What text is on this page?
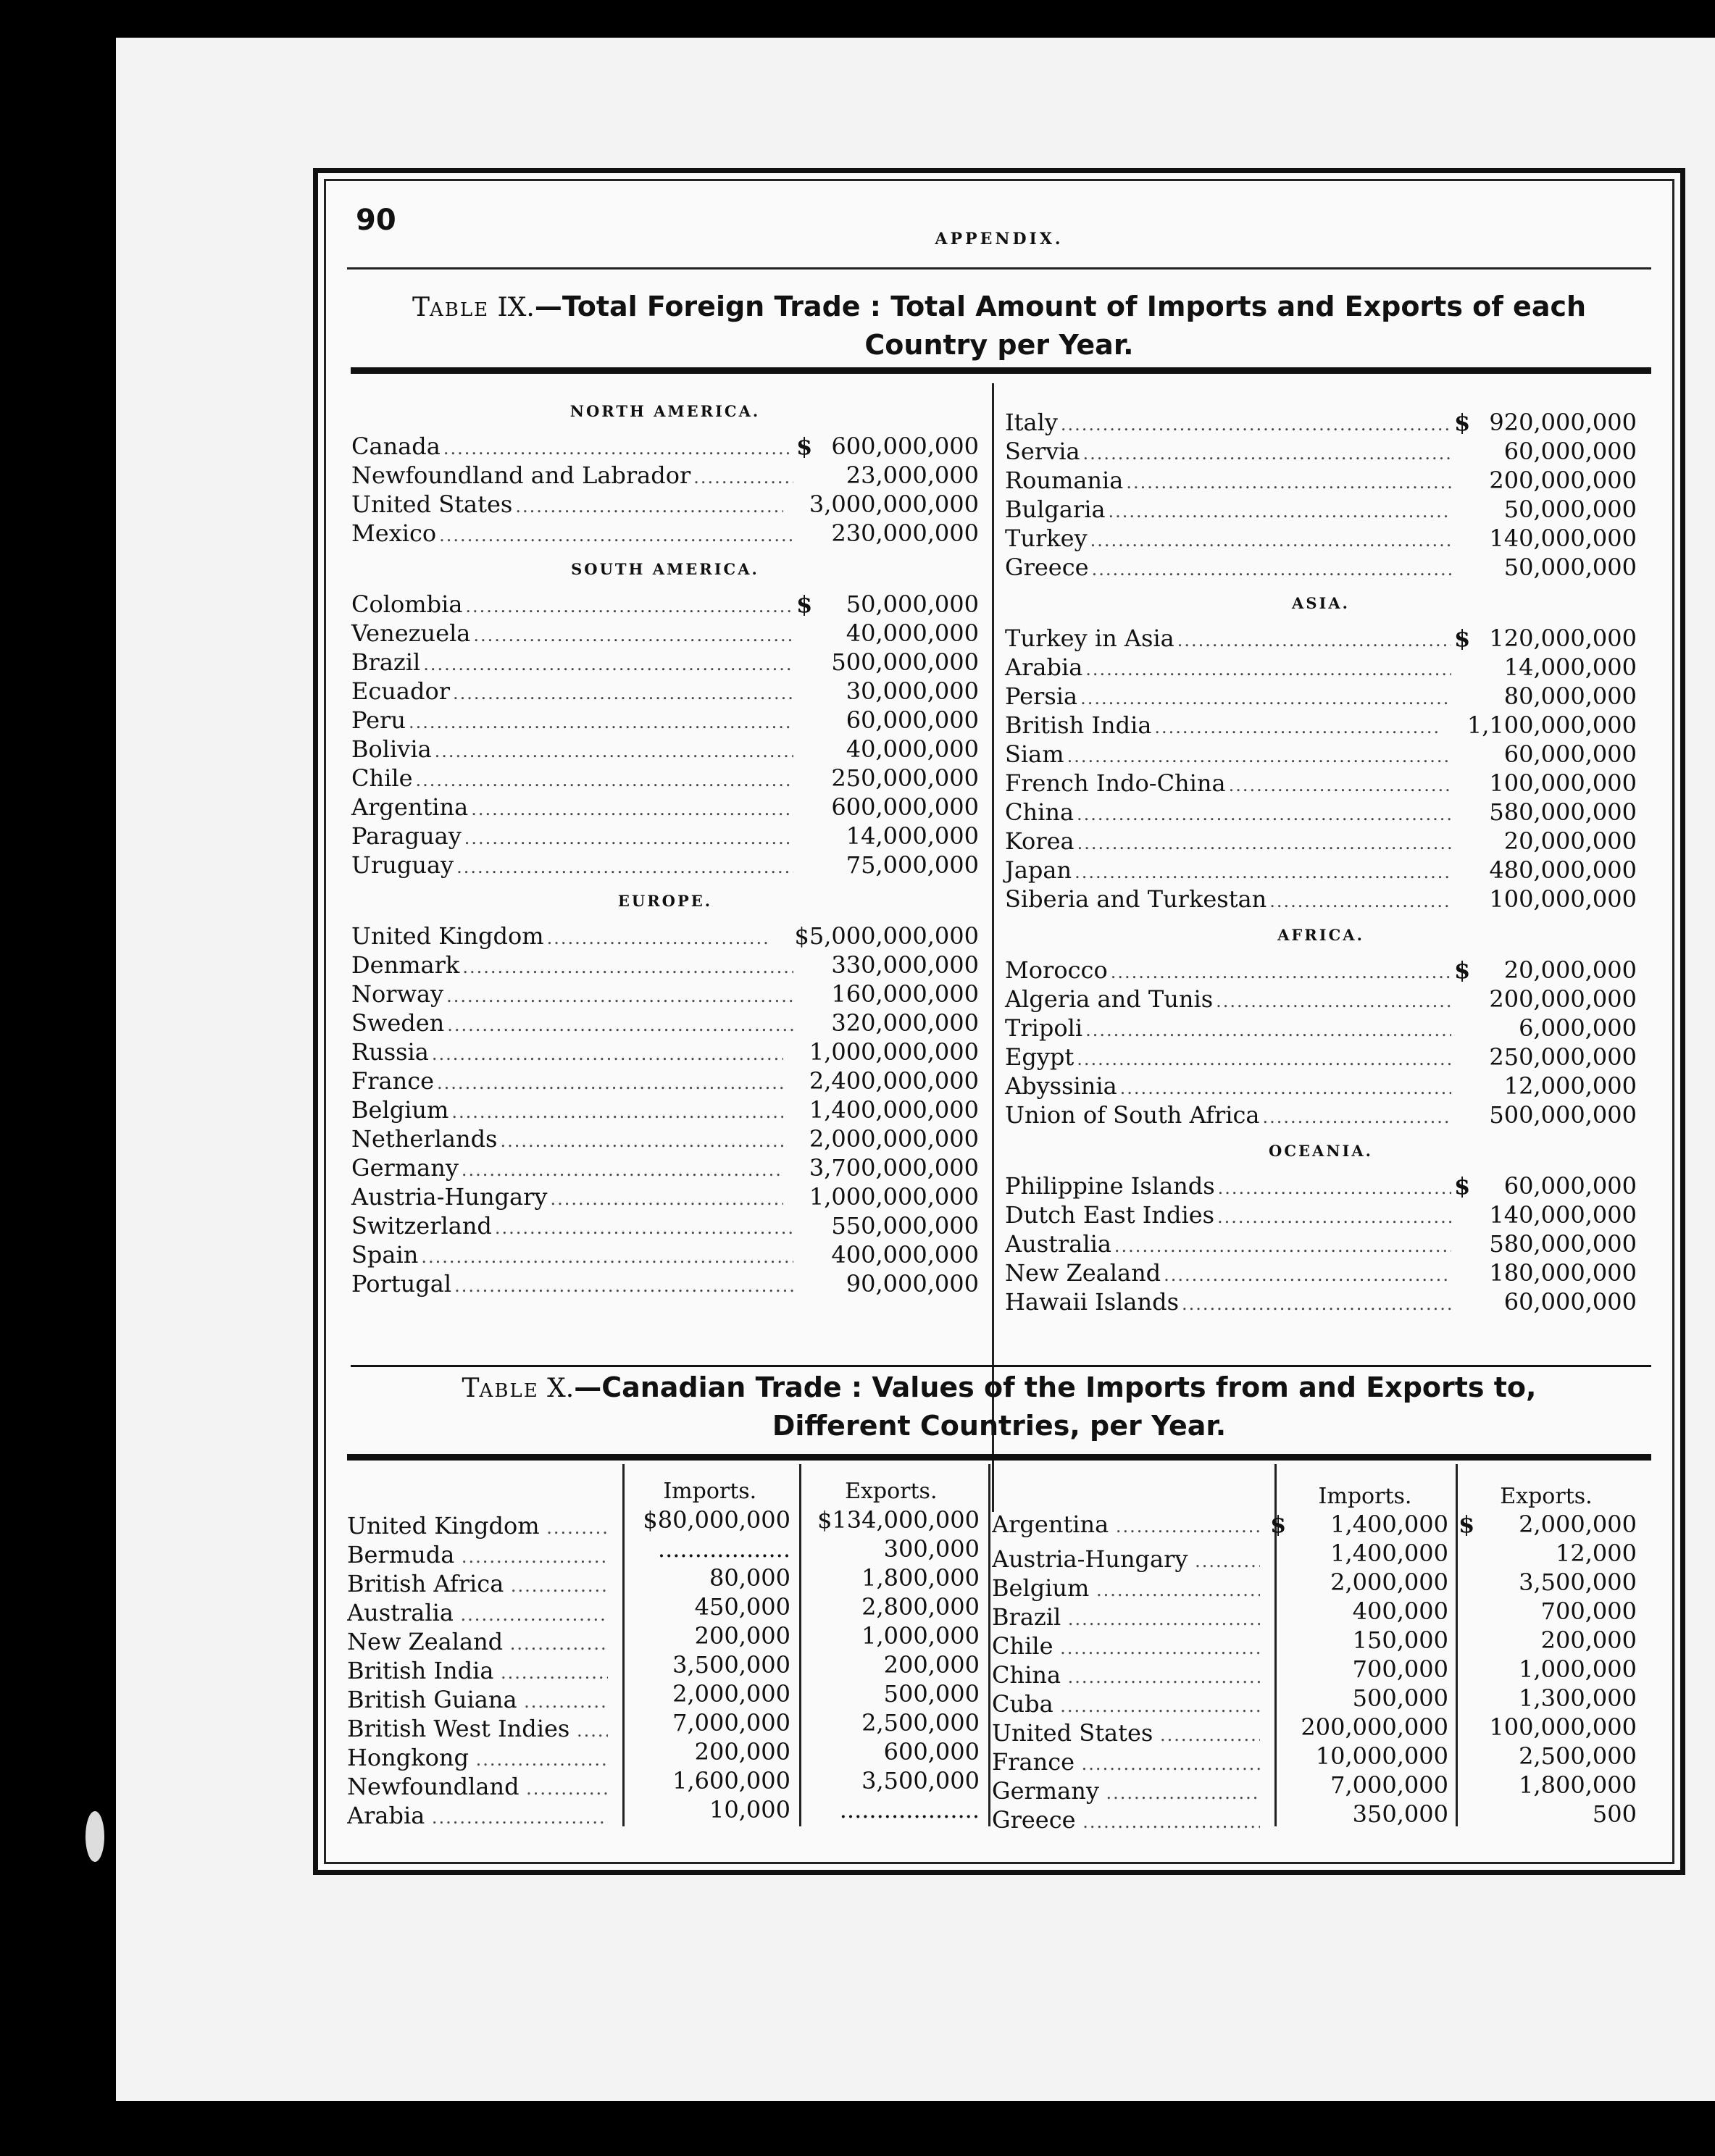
90
APPENDIX.
TABLE IX.—Total Foreign Trade : Total Amount of Imports and Exports of each
Country per Year.
NORTH AMERICA.
Canada .....	$ 600,000,000
Newfoundland and Labrador .....	23,000,000
United States .....	3,000,000,000
Mexico .....	230,000,000
SOUTH AMERICA.
Colombia .....	$	50,000,000
Venezuela .....	40,000,000
Brazil .....	500,000,000
Ecuador .....	30,000,000
Peru .....	60,000,000
Bolivia .....	40,000,000
Chile .....	250,000,000
Argentina .....	600,000,000
Paraguay .....	14,000,000
Uruguay .....	75,000,000
EUROPE.
United Kingdom .....	$5,000,000,000
Denmark .....	330,000,000
Norway .....	160,000,000
Sweden .....	320,000,000
Russia .....	1,000,000,000
France .....	2,400,000,000
Belgium .....	1,400,000,000
Netherlands .....	2,000,000,000
Germany .....	3,700,000,000
Austria-Hungary .....	1,000,000,000
Switzerland .....	550,000,000
Spain .....	400,000,000
Portugal .....	90,000,000
Italy .....	$ 920,000,000
Servia .....	60,000,000
Roumania .....	200,000,000
Bulgaria .....	50,000,000
Turkey .....	140,000,000
Greece .....	50,000,000
ASIA.
Turkey in Asia .....	$ 120,000,000
Arabia .....	14,000,000
Persia .....	80,000,000
British India .....	1,100,000,000
Siam .....	60,000,000
French Indo-China .....	100,000,000
China .....	580,000,000
Korea .....	20,000,000
Japan .....	480,000,000
Siberia and Turkestan .....	100,000,000
AFRICA.
Morocco .....	$	20,000,000
Algeria and Tunis .....	200,000,000
Tripoli .....	6,000,000
Egypt .....	250,000,000
Abyssinia .....	12,000,000
Union of South Africa .....	500,000,000
OCEANIA.
Philippine Islands .....	$	60,000,000
Dutch East Indies .....	140,000,000
Australia .....	580,000,000
New Zealand .....	180,000,000
Hawaii Islands .....	60,000,000
TABLE X.—Canadian Trade : Values of the Imports from and Exports to,
Different Countries, per Year.
Imports.	Exports.	Imports.	Exports.
United Kingdom .....	$80,000,000 $134,000,000
Bermuda .....	..................	300,000
British Africa .....	80,000	1,800,000
Australia .....	450,000	2,800,000
New Zealand .....	200,000	1,000,000
British India .....	3,500,000	200,000
British Guiana .....	2,000,000	500,000
British West Indies .....	7,000,000	2,500,000
Hongkong .....	200,000	600,000
Newfoundland .....	1,600,000	3,500,000
Arabia .....	10,000 ...................
Argentina .....	$ 1,400,000 $ 2,000,000
Austria-Hungary .....	1,400,000	12,000
Belgium .....	2,000,000	3,500,000
Brazil .....	400,000	700,000
Chile .....	150,000	200,000
China .....	700,000	1,000,000
Cuba .....	500,000	1,300,000
United States .....	200,000,000 100,000,000
France .....	10,000,000	2,500,000
Germany .....	7,000,000	1,800,000
Greece .....	350,000	500
